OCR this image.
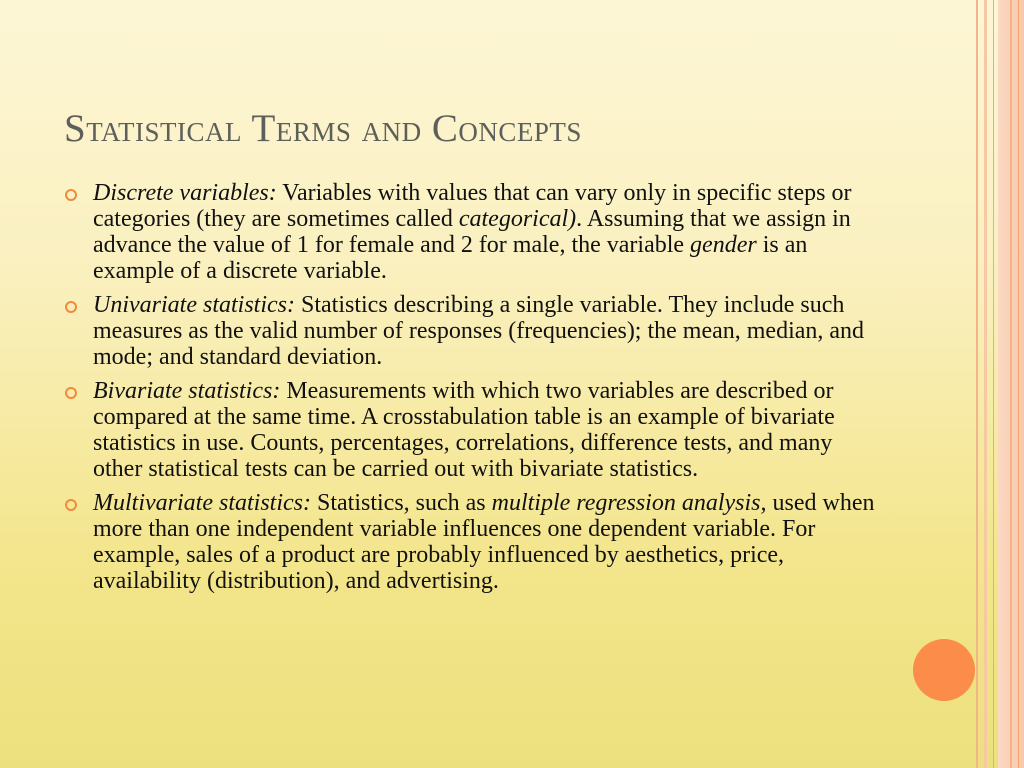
Statistical Terms and Concepts
Discrete variables: Variables with values that can vary only in specific steps or categories (they are sometimes called categorical). Assuming that we assign in advance the value of 1 for female and 2 for male, the variable gender is an example of a discrete variable.
Univariate statistics: Statistics describing a single variable. They include such measures as the valid number of responses (frequencies); the mean, median, and mode; and standard deviation.
Bivariate statistics: Measurements with which two variables are described or compared at the same time. A crosstabulation table is an example of bivariate statistics in use. Counts, percentages, correlations, difference tests, and many other statistical tests can be carried out with bivariate statistics.
Multivariate statistics: Statistics, such as multiple regression analysis, used when more than one independent variable influences one dependent variable. For example, sales of a product are probably influenced by aesthetics, price, availability (distribution), and advertising.
